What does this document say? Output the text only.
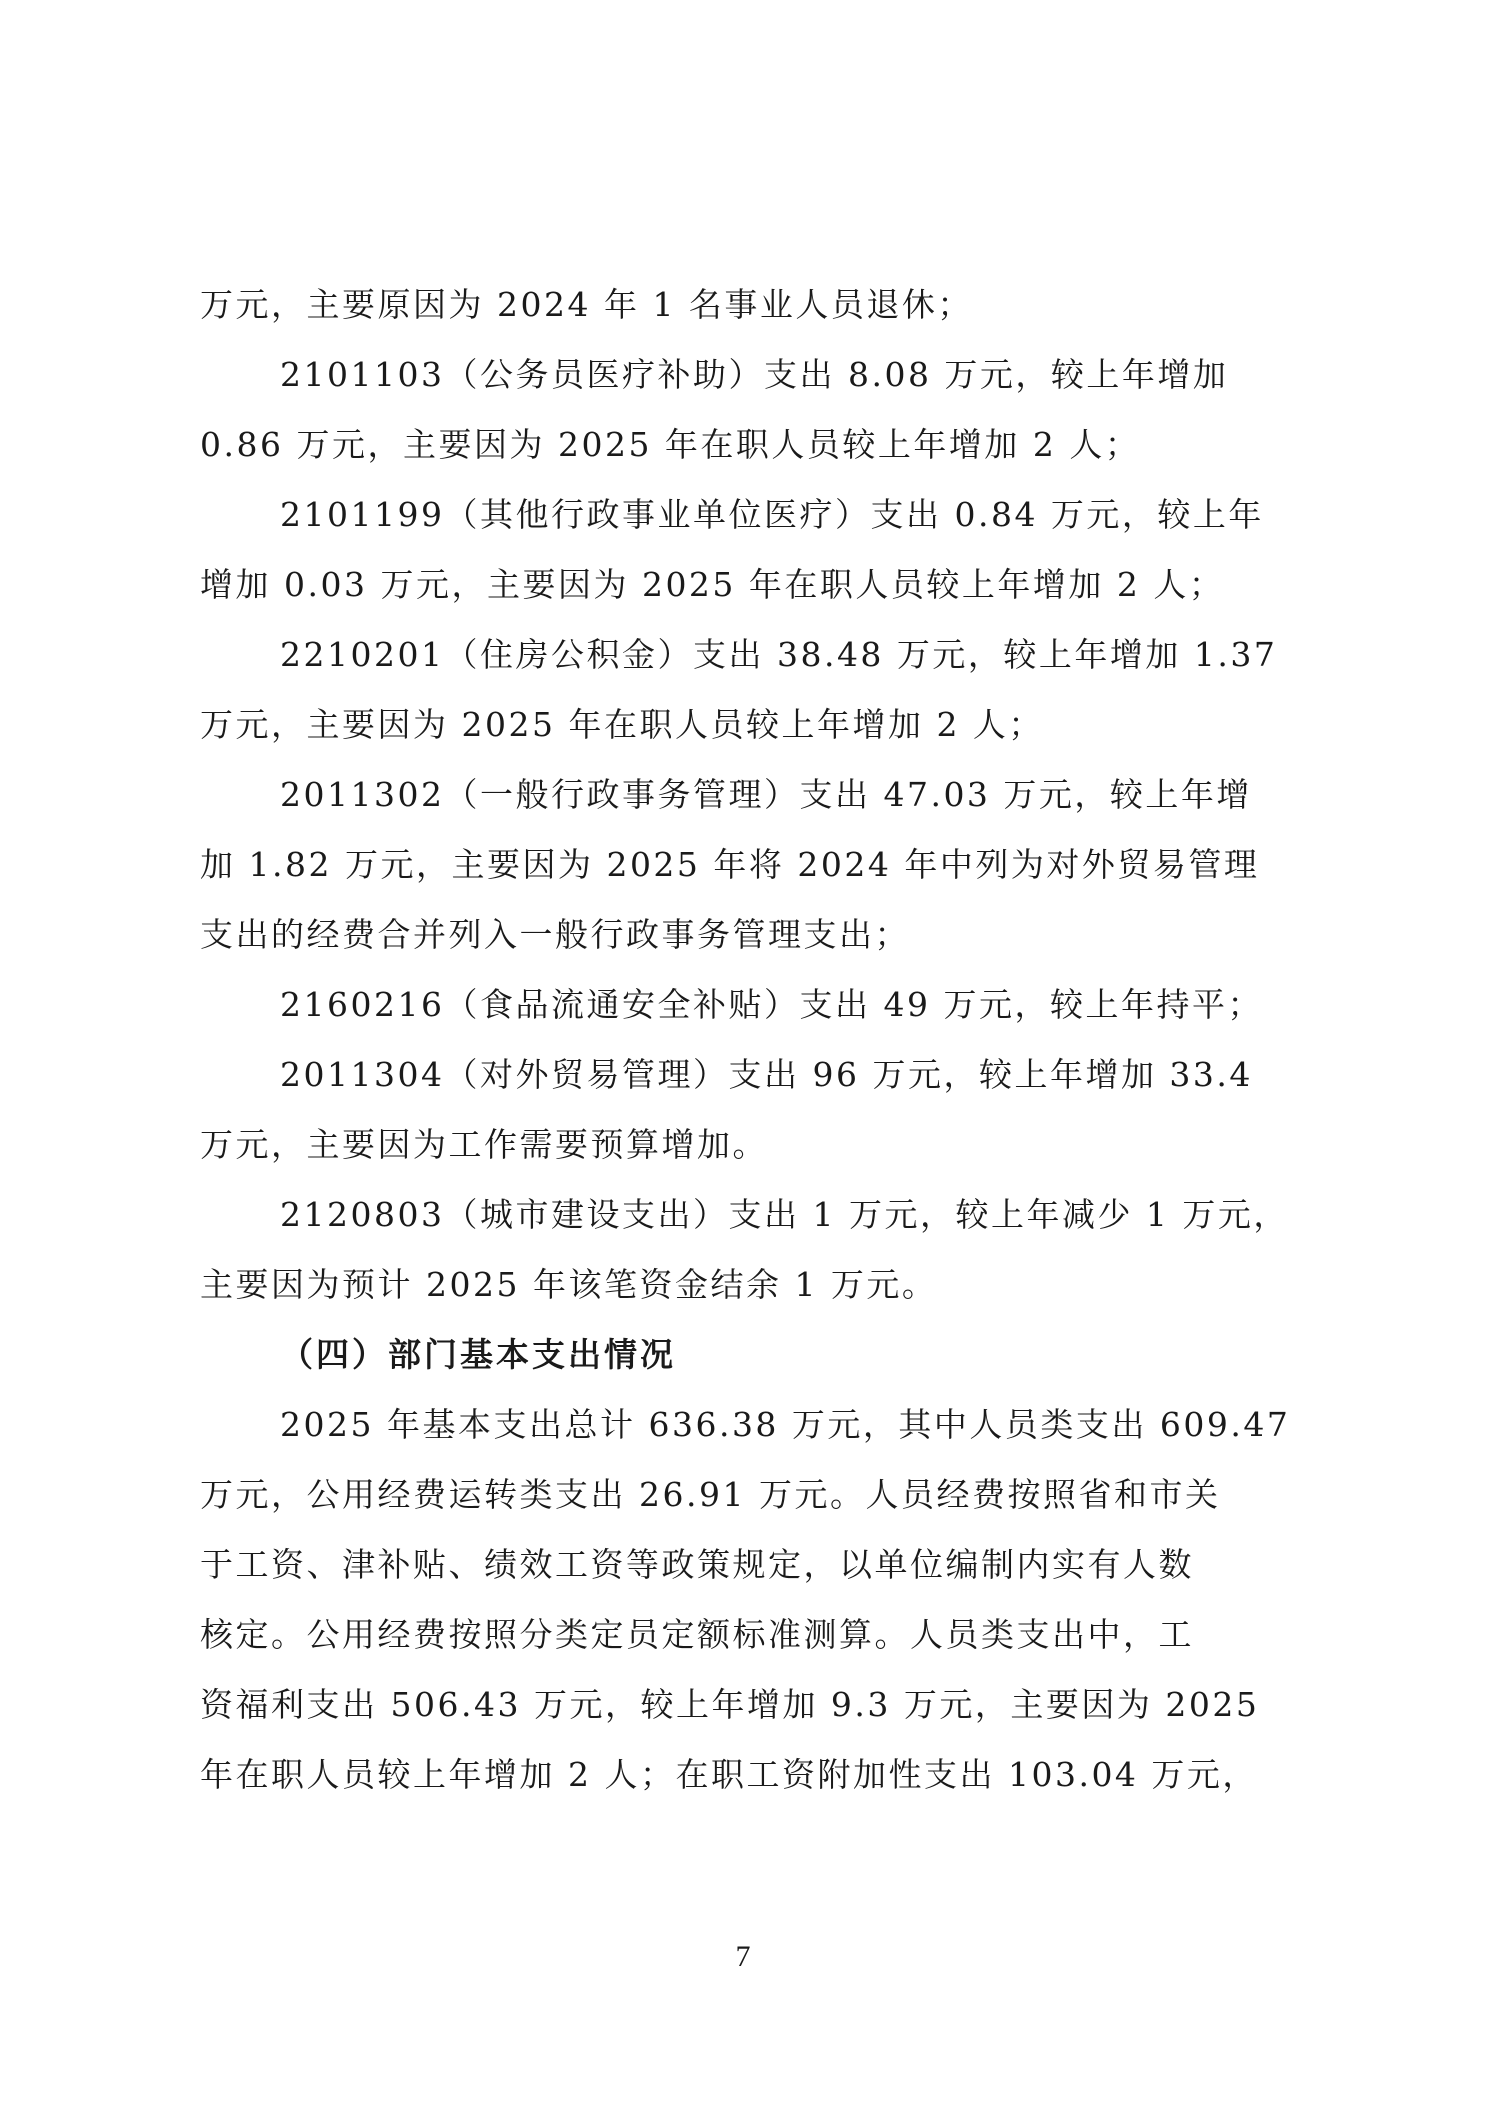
万元，主要原因为 2024 年 1 名事业人员退休；
2101103（公务员医疗补助）支出 8.08 万元，较上年增加
0.86 万元，主要因为 2025 年在职人员较上年增加 2 人；
2101199（其他行政事业单位医疗）支出 0.84 万元，较上年
增加 0.03 万元，主要因为 2025 年在职人员较上年增加 2 人；
2210201（住房公积金）支出 38.48 万元，较上年增加 1.37
万元，主要因为 2025 年在职人员较上年增加 2 人；
2011302（一般行政事务管理）支出 47.03 万元，较上年增
加 1.82 万元，主要因为 2025 年将 2024 年中列为对外贸易管理
支出的经费合并列入一般行政事务管理支出；
2160216（食品流通安全补贴）支出 49 万元，较上年持平；
2011304（对外贸易管理）支出 96 万元，较上年增加 33.4
万元，主要因为工作需要预算增加。
2120803（城市建设支出）支出 1 万元，较上年减少 1 万元，
主要因为预计 2025 年该笔资金结余 1 万元。
（四）部门基本支出情况
2025 年基本支出总计 636.38 万元，其中人员类支出 609.47
万元，公用经费运转类支出 26.91 万元。人员经费按照省和市关
于工资、津补贴、绩效工资等政策规定，以单位编制内实有人数
核定。公用经费按照分类定员定额标准测算。人员类支出中，工
资福利支出 506.43 万元，较上年增加 9.3 万元，主要因为 2025
年在职人员较上年增加 2 人；在职工资附加性支出 103.04 万元，
7
